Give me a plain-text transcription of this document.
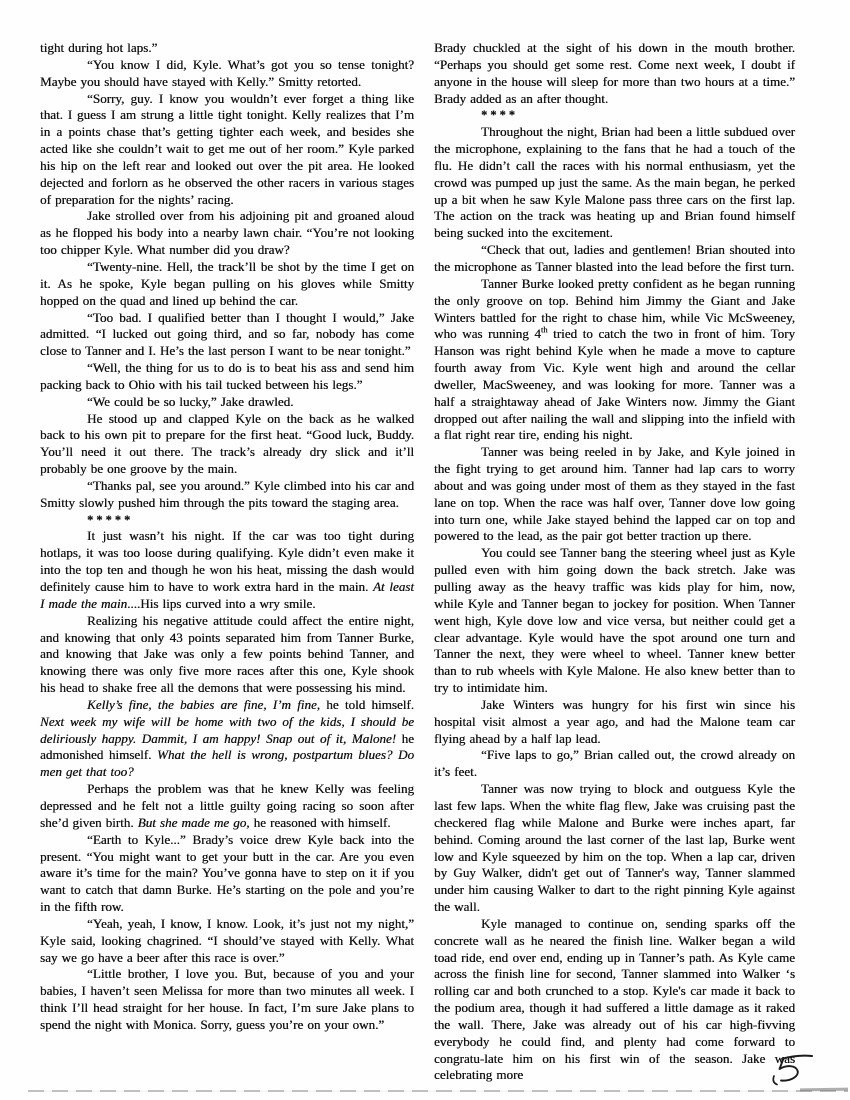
tight during hot laps.”

“You know I did, Kyle. What’s got you so tense tonight? Maybe you should have stayed with Kelly.” Smitty retorted.

“Sorry, guy. I know you wouldn’t ever forget a thing like that. I guess I am strung a little tight tonight. Kelly realizes that I’m in a points chase that’s getting tighter each week, and besides she acted like she couldn’t wait to get me out of her room.” Kyle parked his hip on the left rear and looked out over the pit area. He looked dejected and forlorn as he observed the other racers in various stages of preparation for the nights’ racing.

Jake strolled over from his adjoining pit and groaned aloud as he flopped his body into a nearby lawn chair. “You’re not looking too chipper Kyle. What number did you draw?

“Twenty-nine. Hell, the track’ll be shot by the time I get on it. As he spoke, Kyle began pulling on his gloves while Smitty hopped on the quad and lined up behind the car.

“Too bad. I qualified better than I thought I would,” Jake admitted. “I lucked out going third, and so far, nobody has come close to Tanner and I. He’s the last person I want to be near tonight.”

“Well, the thing for us to do is to beat his ass and send him packing back to Ohio with his tail tucked between his legs.”

“We could be so lucky,” Jake drawled.

He stood up and clapped Kyle on the back as he walked back to his own pit to prepare for the first heat. “Good luck, Buddy. You’ll need it out there. The track’s already dry slick and it’ll probably be one groove by the main.

“Thanks pal, see you around.” Kyle climbed into his car and Smitty slowly pushed him through the pits toward the staging area.

*****

It just wasn’t his night. If the car was too tight during hotlaps, it was too loose during qualifying. Kyle didn’t even make it into the top ten and though he won his heat, missing the dash would definitely cause him to have to work extra hard in the main. At least I made the main....His lips curved into a wry smile.

Realizing his negative attitude could affect the entire night, and knowing that only 43 points separated him from Tanner Burke, and knowing that Jake was only a few points behind Tanner, and knowing there was only five more races after this one, Kyle shook his head to shake free all the demons that were possessing his mind.

Kelly’s fine, the babies are fine, I’m fine, he told himself. Next week my wife will be home with two of the kids, I should be deliriously happy. Dammit, I am happy! Snap out of it, Malone! he admonished himself. What the hell is wrong, postpartum blues? Do men get that too?

Perhaps the problem was that he knew Kelly was feeling depressed and he felt not a little guilty going racing so soon after she’d given birth. But she made me go, he reasoned with himself.

“Earth to Kyle...” Brady’s voice drew Kyle back into the present. “You might want to get your butt in the car. Are you even aware it’s time for the main? You’ve gonna have to step on it if you want to catch that damn Burke. He’s starting on the pole and you’re in the fifth row.

“Yeah, yeah, I know, I know. Look, it’s just not my night,” Kyle said, looking chagrined. “I should’ve stayed with Kelly. What say we go have a beer after this race is over.”

“Little brother, I love you. But, because of you and your babies, I haven’t seen Melissa for more than two minutes all week. I think I’ll head straight for her house. In fact, I’m sure Jake plans to spend the night with Monica. Sorry, guess you’re on your own.”

Brady chuckled at the sight of his down in the mouth brother. “Perhaps you should get some rest. Come next week, I doubt if anyone in the house will sleep for more than two hours at a time.” Brady added as an after thought.

****

Throughout the night, Brian had been a little subdued over the microphone, explaining to the fans that he had a touch of the flu. He didn’t call the races with his normal enthusiasm, yet the crowd was pumped up just the same. As the main began, he perked up a bit when he saw Kyle Malone pass three cars on the first lap. The action on the track was heating up and Brian found himself being sucked into the excitement.

“Check that out, ladies and gentlemen! Brian shouted into the microphone as Tanner blasted into the lead before the first turn.

Tanner Burke looked pretty confident as he began running the only groove on top. Behind him Jimmy the Giant and Jake Winters battled for the right to chase him, while Vic McSweeney, who was running 4th tried to catch the two in front of him. Tory Hanson was right behind Kyle when he made a move to capture fourth away from Vic. Kyle went high and around the cellar dweller, MacSweeney, and was looking for more. Tanner was a half a straightaway ahead of Jake Winters now. Jimmy the Giant dropped out after nailing the wall and slipping into the infield with a flat right rear tire, ending his night.

Tanner was being reeled in by Jake, and Kyle joined in the fight trying to get around him. Tanner had lap cars to worry about and was going under most of them as they stayed in the fast lane on top. When the race was half over, Tanner dove low going into turn one, while Jake stayed behind the lapped car on top and powered to the lead, as the pair got better traction up there.

You could see Tanner bang the steering wheel just as Kyle pulled even with him going down the back stretch. Jake was pulling away as the heavy traffic was kids play for him, now, while Kyle and Tanner began to jockey for position. When Tanner went high, Kyle dove low and vice versa, but neither could get a clear advantage. Kyle would have the spot around one turn and Tanner the next, they were wheel to wheel. Tanner knew better than to rub wheels with Kyle Malone. He also knew better than to try to intimidate him.

Jake Winters was hungry for his first win since his hospital visit almost a year ago, and had the Malone team car flying ahead by a half lap lead.

“Five laps to go,” Brian called out, the crowd already on it’s feet.

Tanner was now trying to block and outguess Kyle the last few laps. When the white flag flew, Jake was cruising past the checkered flag while Malone and Burke were inches apart, far behind. Coming around the last corner of the last lap, Burke went low and Kyle squeezed by him on the top. When a lap car, driven by Guy Walker, didn't get out of Tanner's way, Tanner slammed under him causing Walker to dart to the right pinning Kyle against the wall.

Kyle managed to continue on, sending sparks off the concrete wall as he neared the finish line. Walker began a wild toad ride, end over end, ending up in Tanner’s path. As Kyle came across the finish line for second, Tanner slammed into Walker ‘s rolling car and both crunched to a stop. Kyle's car made it back to the podium area, though it had suffered a little damage as it raked the wall. There, Jake was already out of his car high-fivving everybody he could find, and plenty had come forward to congratu-late him on his first win of the season. Jake was celebrating more
